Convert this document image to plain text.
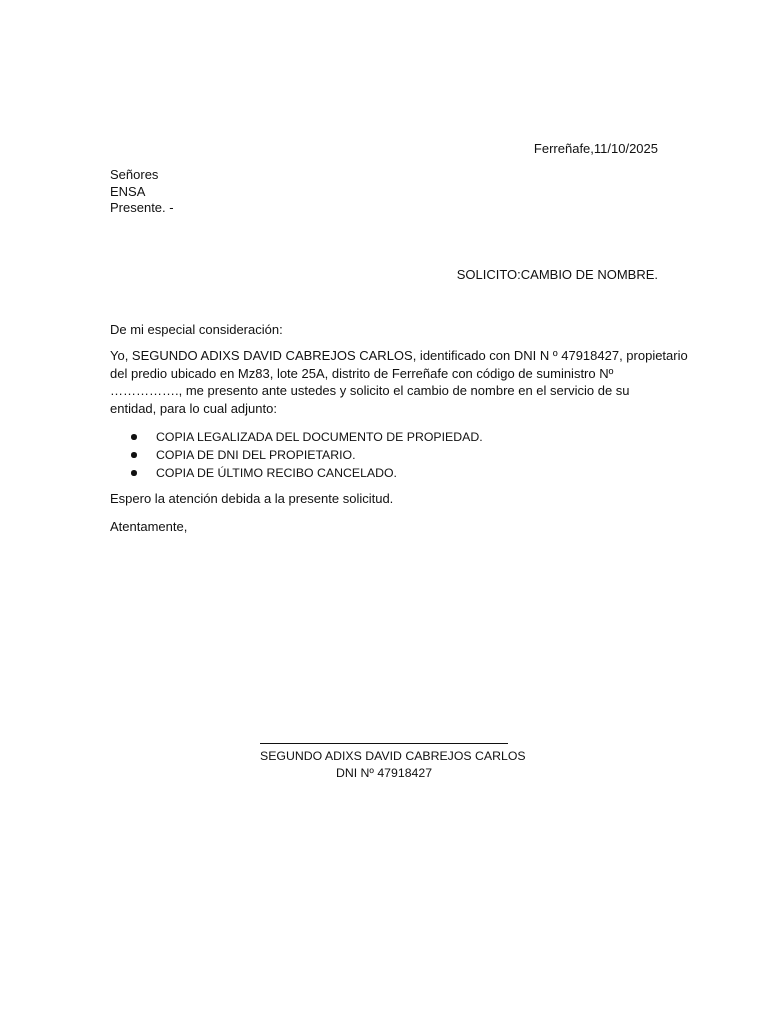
Ferreñafe,11/10/2025
Señores
ENSA
Presente. -
SOLICITO:CAMBIO DE NOMBRE.
De mi especial consideración:
Yo, SEGUNDO ADIXS DAVID CABREJOS CARLOS, identificado con DNI N º 47918427, propietario
del predio ubicado en Mz83, lote 25A, distrito de Ferreñafe con código de suministro Nº
……………., me presento ante ustedes y solicito el cambio de nombre en el servicio de su
entidad, para lo cual adjunto:
COPIA LEGALIZADA DEL DOCUMENTO DE PROPIEDAD.
COPIA DE DNI DEL PROPIETARIO.
COPIA DE ÚLTIMO RECIBO CANCELADO.
Espero la atención debida a la presente solicitud.
Atentamente,
SEGUNDO ADIXS DAVID CABREJOS CARLOS
DNI Nº 47918427
